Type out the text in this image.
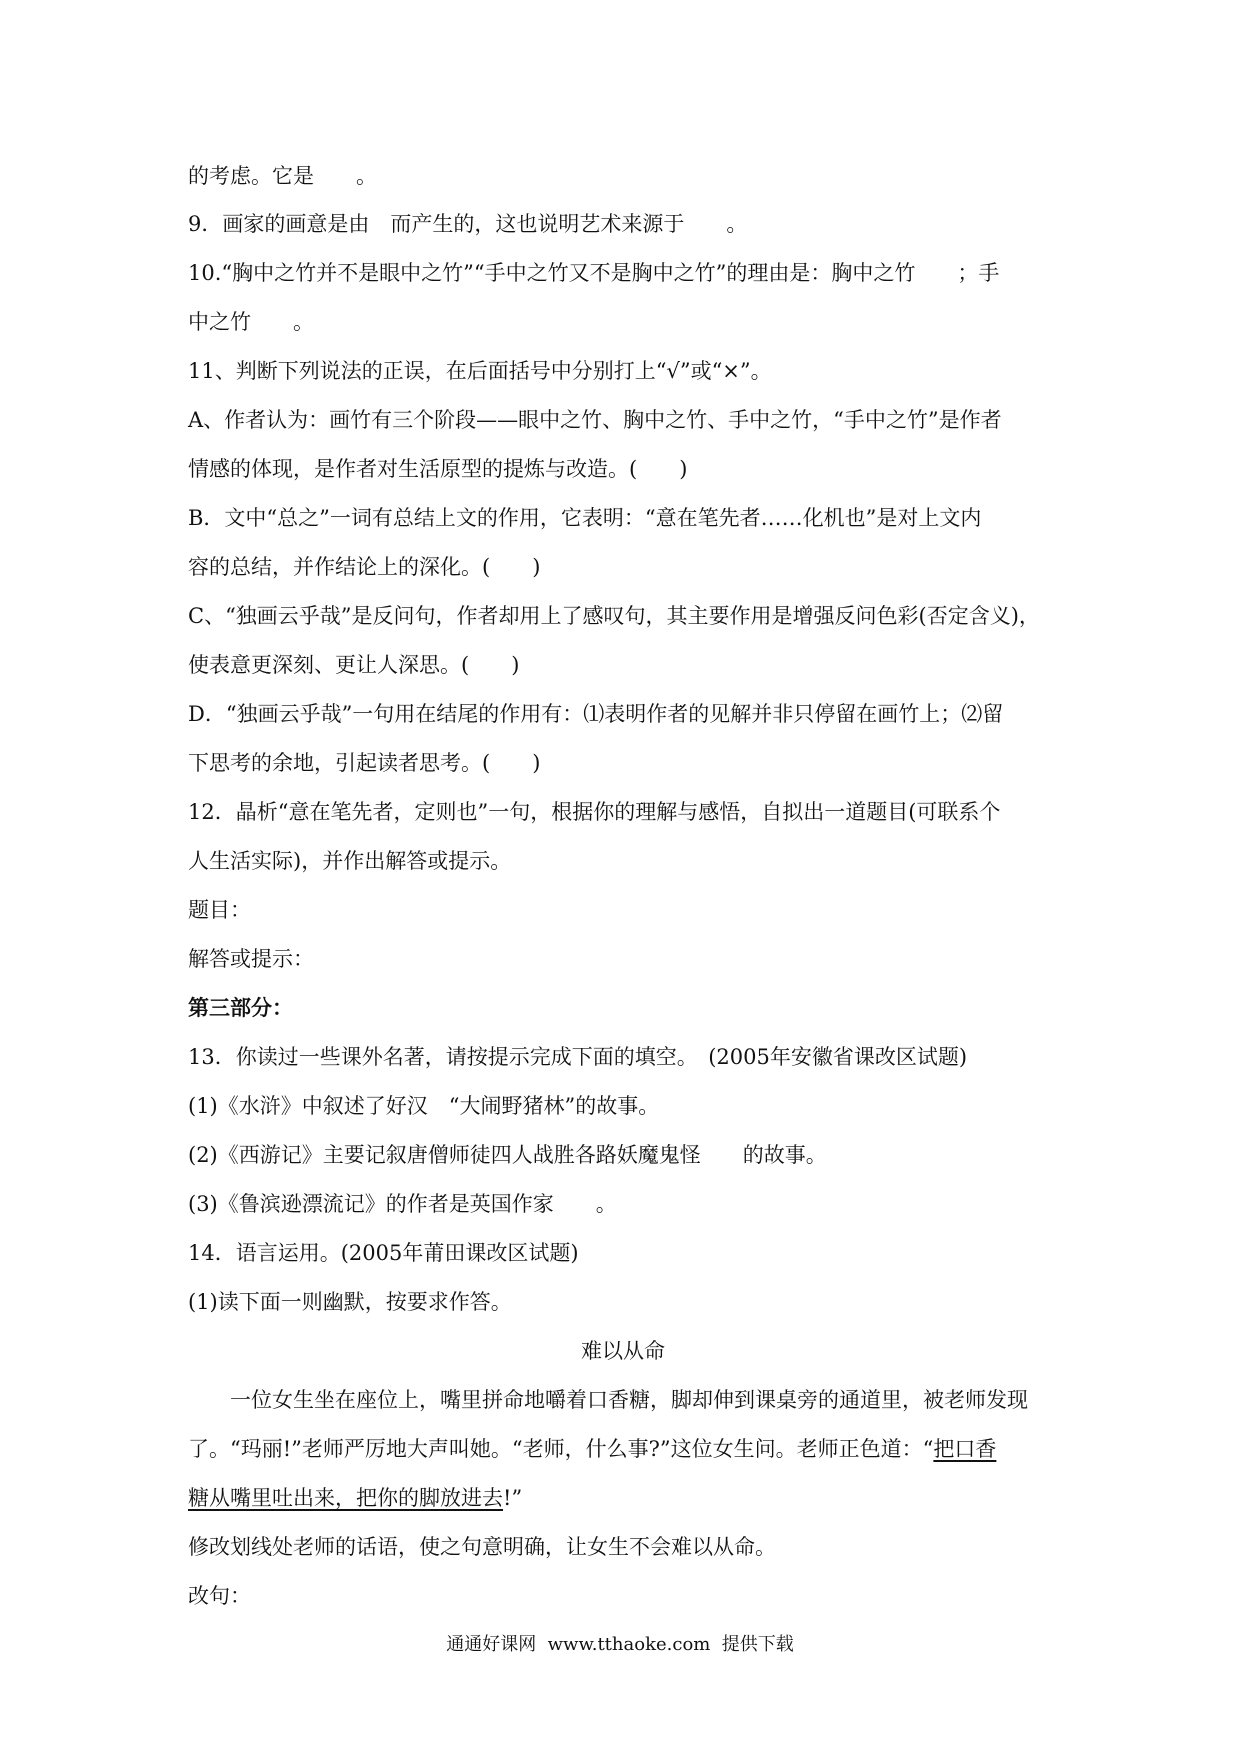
的考虑。它是　　。
9．画家的画意是由　而产生的，这也说明艺术来源于　　。
10.“胸中之竹并不是眼中之竹”“手中之竹又不是胸中之竹”的理由是：胸中之竹　　；手
中之竹　　。
11、判断下列说法的正误，在后面括号中分别打上“√”或“×”。
A、作者认为：画竹有三个阶段——眼中之竹、胸中之竹、手中之竹，“手中之竹”是作者
情感的体现，是作者对生活原型的提炼与改造。(　　)
B．文中“总之”一词有总结上文的作用，它表明：“意在笔先者……化机也”是对上文内
容的总结，并作结论上的深化。(　　)
C、“独画云乎哉”是反问句，作者却用上了感叹句，其主要作用是增强反问色彩(否定含义)，
使表意更深刻、更让人深思。(　　)
D．“独画云乎哉”一句用在结尾的作用有：⑴表明作者的见解并非只停留在画竹上；⑵留
下思考的余地，引起读者思考。(　　)
12．晶析“意在笔先者，定则也”一句，根据你的理解与感悟，自拟出一道题目(可联系个
人生活实际)，并作出解答或提示。
题目：
解答或提示：
第三部分：
13．你读过一些课外名著，请按提示完成下面的填空。　(2005年安徽省课改区试题)
(1)《水浒》中叙述了好汉　“大闹野猪林”的故事。
(2)《西游记》主要记叙唐僧师徒四人战胜各路妖魔鬼怪　　的故事。
(3)《鲁滨逊漂流记》的作者是英国作家　　。
14．语言运用。(2005年莆田课改区试题)
(1)读下面一则幽默，按要求作答。
难以从命
一位女生坐在座位上，嘴里拼命地嚼着口香糖，脚却伸到课桌旁的通道里，被老师发现
了。“玛丽!”老师严厉地大声叫她。“老师，什么事?”这位女生问。老师正色道：“把口香
糖从嘴里吐出来，把你的脚放进去!”
修改划线处老师的话语，使之句意明确，让女生不会难以从命。
改句：
通通好课网  www.tthaoke.com  提供下载
